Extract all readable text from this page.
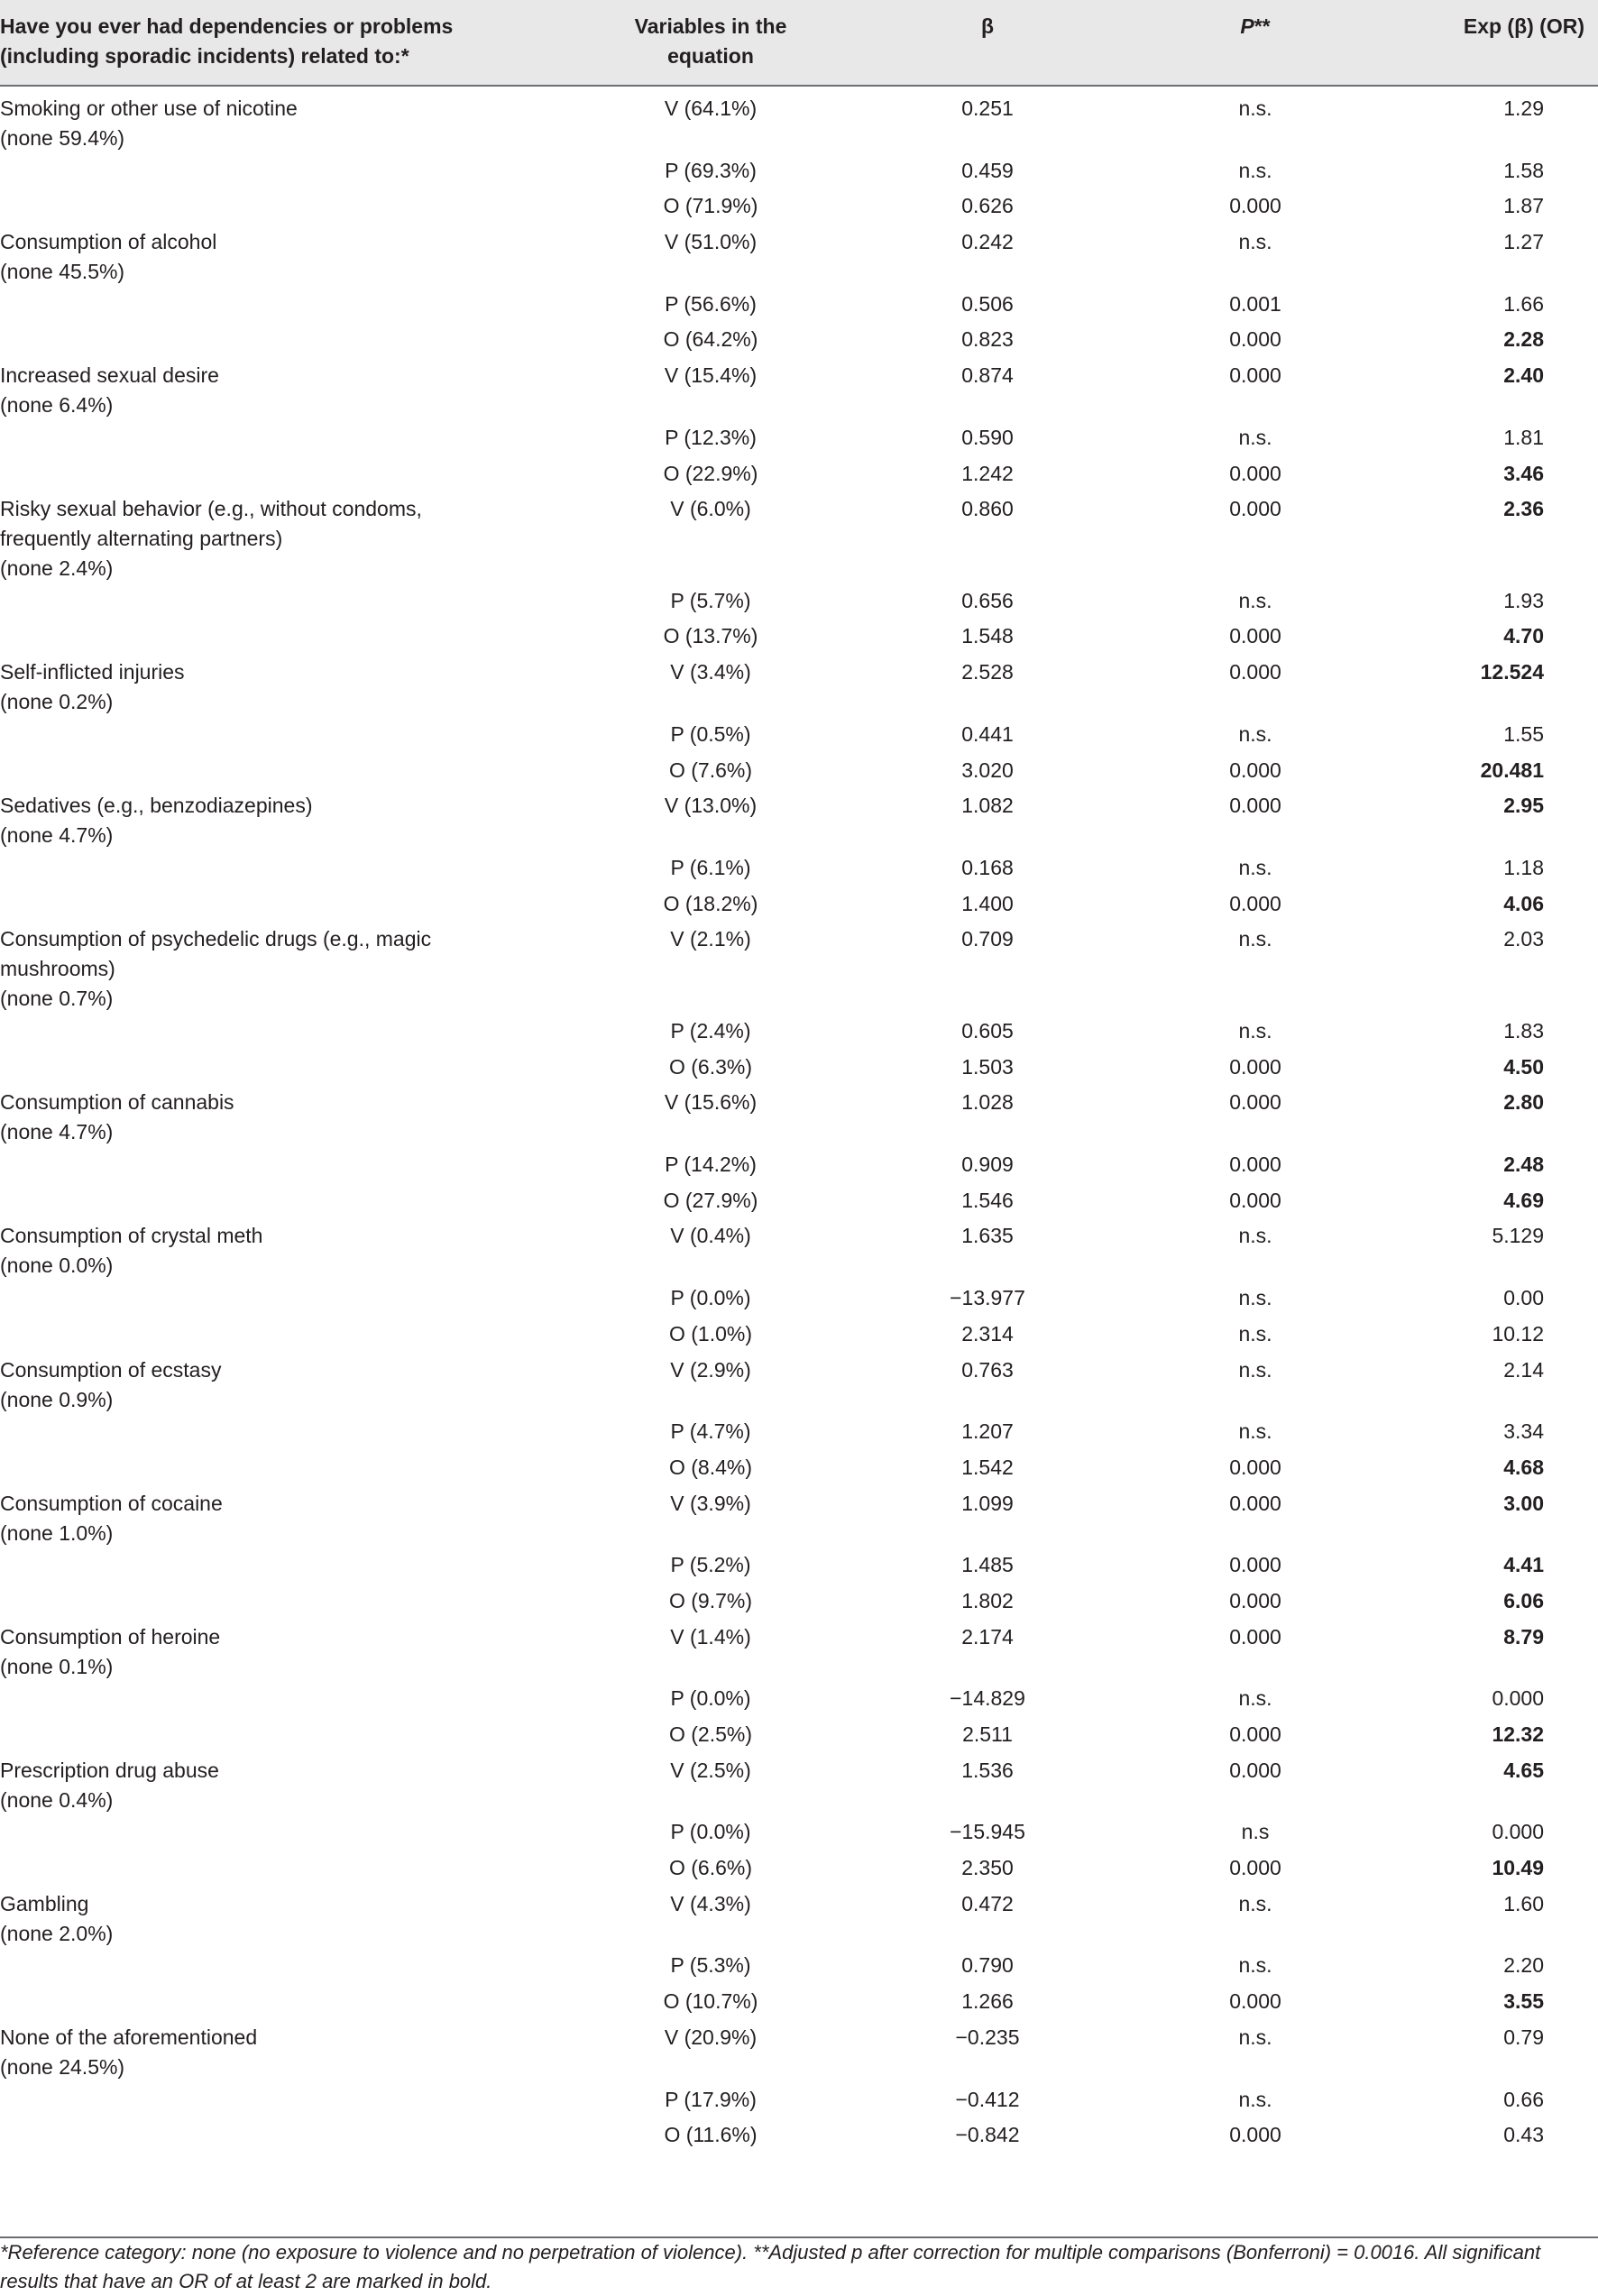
Have you ever had dependencies or problems (including sporadic incidents) related to:*
Variables in the equation
β	P**	Exp (β) (OR)
Smoking or other use of nicotine
(none 59.4%)
V (64.1%)	0.251	n.s.	1.29
P (69.3%)	0.459	n.s.	1.58
O (71.9%)	0.626	0.000	1.87
Consumption of alcohol
(none 45.5%)
V (51.0%)	0.242	n.s.	1.27
P (56.6%)	0.506	0.001	1.66
O (64.2%)	0.823	0.000	2.28
Increased sexual desire
(none 6.4%)
V (15.4%)	0.874	0.000	2.40
P (12.3%)	0.590	n.s.	1.81
O (22.9%)	1.242	0.000	3.46
Risky sexual behavior (e.g., without condoms,
frequently alternating partners)
(none 2.4%)
V (6.0%)	0.860	0.000	2.36
P (5.7%)	0.656	n.s.	1.93
O (13.7%)	1.548	0.000	4.70
Self-inflicted injuries
(none 0.2%)
V (3.4%)	2.528	0.000	12.524
P (0.5%)	0.441	n.s.	1.55
O (7.6%)	3.020	0.000	20.481
Sedatives (e.g., benzodiazepines)
(none 4.7%)
V (13.0%)	1.082	0.000	2.95
P (6.1%)	0.168	n.s.	1.18
O (18.2%)	1.400	0.000	4.06
Consumption of psychedelic drugs (e.g., magic
mushrooms)
(none 0.7%)
V (2.1%)	0.709	n.s.	2.03
P (2.4%)	0.605	n.s.	1.83
O (6.3%)	1.503	0.000	4.50
Consumption of cannabis
(none 4.7%)
V (15.6%)	1.028	0.000	2.80
P (14.2%)	0.909	0.000	2.48
O (27.9%)	1.546	0.000	4.69
Consumption of crystal meth
(none 0.0%)
V (0.4%)	1.635	n.s.	5.129
P (0.0%)	−13.977	n.s.	0.00
O (1.0%)	2.314	n.s.	10.12
Consumption of ecstasy
(none 0.9%)
V (2.9%)	0.763	n.s.	2.14
P (4.7%)	1.207	n.s.	3.34
O (8.4%)	1.542	0.000	4.68
Consumption of cocaine
(none 1.0%)
V (3.9%)	1.099	0.000	3.00
P (5.2%)	1.485	0.000	4.41
O (9.7%)	1.802	0.000	6.06
Consumption of heroine
(none 0.1%)
V (1.4%)	2.174	0.000	8.79
P (0.0%)	−14.829	n.s.	0.000
O (2.5%)	2.511	0.000	12.32
Prescription drug abuse
(none 0.4%)
V (2.5%)	1.536	0.000	4.65
P (0.0%)	−15.945	n.s	0.000
O (6.6%)	2.350	0.000	10.49
Gambling
(none 2.0%)
V (4.3%)	0.472	n.s.	1.60
P (5.3%)	0.790	n.s.	2.20
O (10.7%)	1.266	0.000	3.55
None of the aforementioned
(none 24.5%)
V (20.9%)	−0.235	n.s.	0.79
P (17.9%)	−0.412	n.s.	0.66
O (11.6%)	−0.842	0.000	0.43
*Reference category: none (no exposure to violence and no perpetration of violence). **Adjusted p after correction for multiple comparisons (Bonferroni) = 0.0016. All significant results that have an OR of at least 2 are marked in bold.
